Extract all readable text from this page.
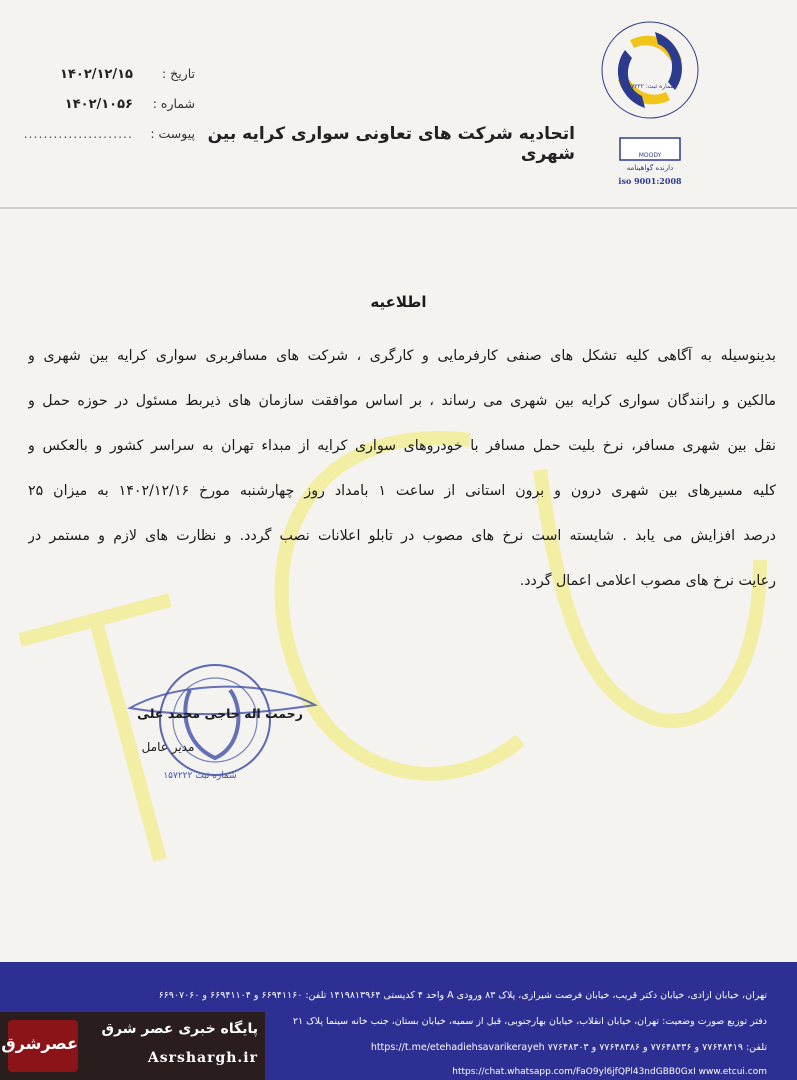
شماره ثبت: ۱۵۷۲۲۲
MOODY
دارنده گواهینامه
iso 9001:2008
اتحادیه شرکت های تعاونی سواری کرایه بین شهری
تاریخ :۱۴۰۲/۱۲/۱۵
شماره :۱۴۰۲/۱۰۵۶
پیوست :......................
اطلاعیه

بدینوسیله به آگاهی کلیه تشکل های صنفی کارفرمایی و کارگری ، شرکت های مسافربری سواری کرایه بین شهری و

مالکین و رانندگان سواری کرایه بین شهری می رساند ، بر اساس موافقت سازمان های ذیربط مسئول در حوزه حمل و

نقل بین شهری مسافر، نرخ بلیت حمل مسافر با خودروهای سواری کرایه از مبداء تهران به سراسر کشور و بالعکس و

کلیه مسیرهای بین شهری درون و برون استانی از ساعت ۱ بامداد روز چهارشنبه مورخ ۱۴۰۲/۱۲/۱۶ به میزان ۲۵

درصد افزایش می یابد . شایسته است نرخ های مصوب در تابلو اعلانات نصب گردد. و نظارت های لازم و مستمر در

رعایت نرخ های مصوب اعلامی اعمال گردد.

شماره ثبت ۱۵۷۲۲۲
رحمت اله حاجی محمد علی
مدیر عامل
تهران، خیابان آزادی، خیابان دکتر قریب، خیابان فرصت شیرازی، پلاک ۸۳ ورودی A واحد ۴ کدپستی ۱۴۱۹۸۱۳۹۶۴ تلفن: ۶۶۹۴۱۱۶۰ و ۶۶۹۴۱۱۰۴ و ۶۶۹۰۷۰۶۰
دفتر توزیع صورت وضعیت: تهران، خیابان انقلاب، خیابان بهارجنوبی، قبل از سمیه، خیابان بستان، جنب خانه سینما پلاک ۲۱
تلفن: ۷۷۶۴۸۴۱۹ و ۷۷۶۴۸۴۳۶ و ۷۷۶۴۸۳۸۶ و ۷۷۶۴۸۳۰۳ https://t.me/etehadiehsavarikerayeh
https://chat.whatsapp.com/FaO9yl6jfQPl43ndGBB0GxI www.etcui.com
عصرشرق
پایگاه خبری عصر شرق
Asrshargh.ir
